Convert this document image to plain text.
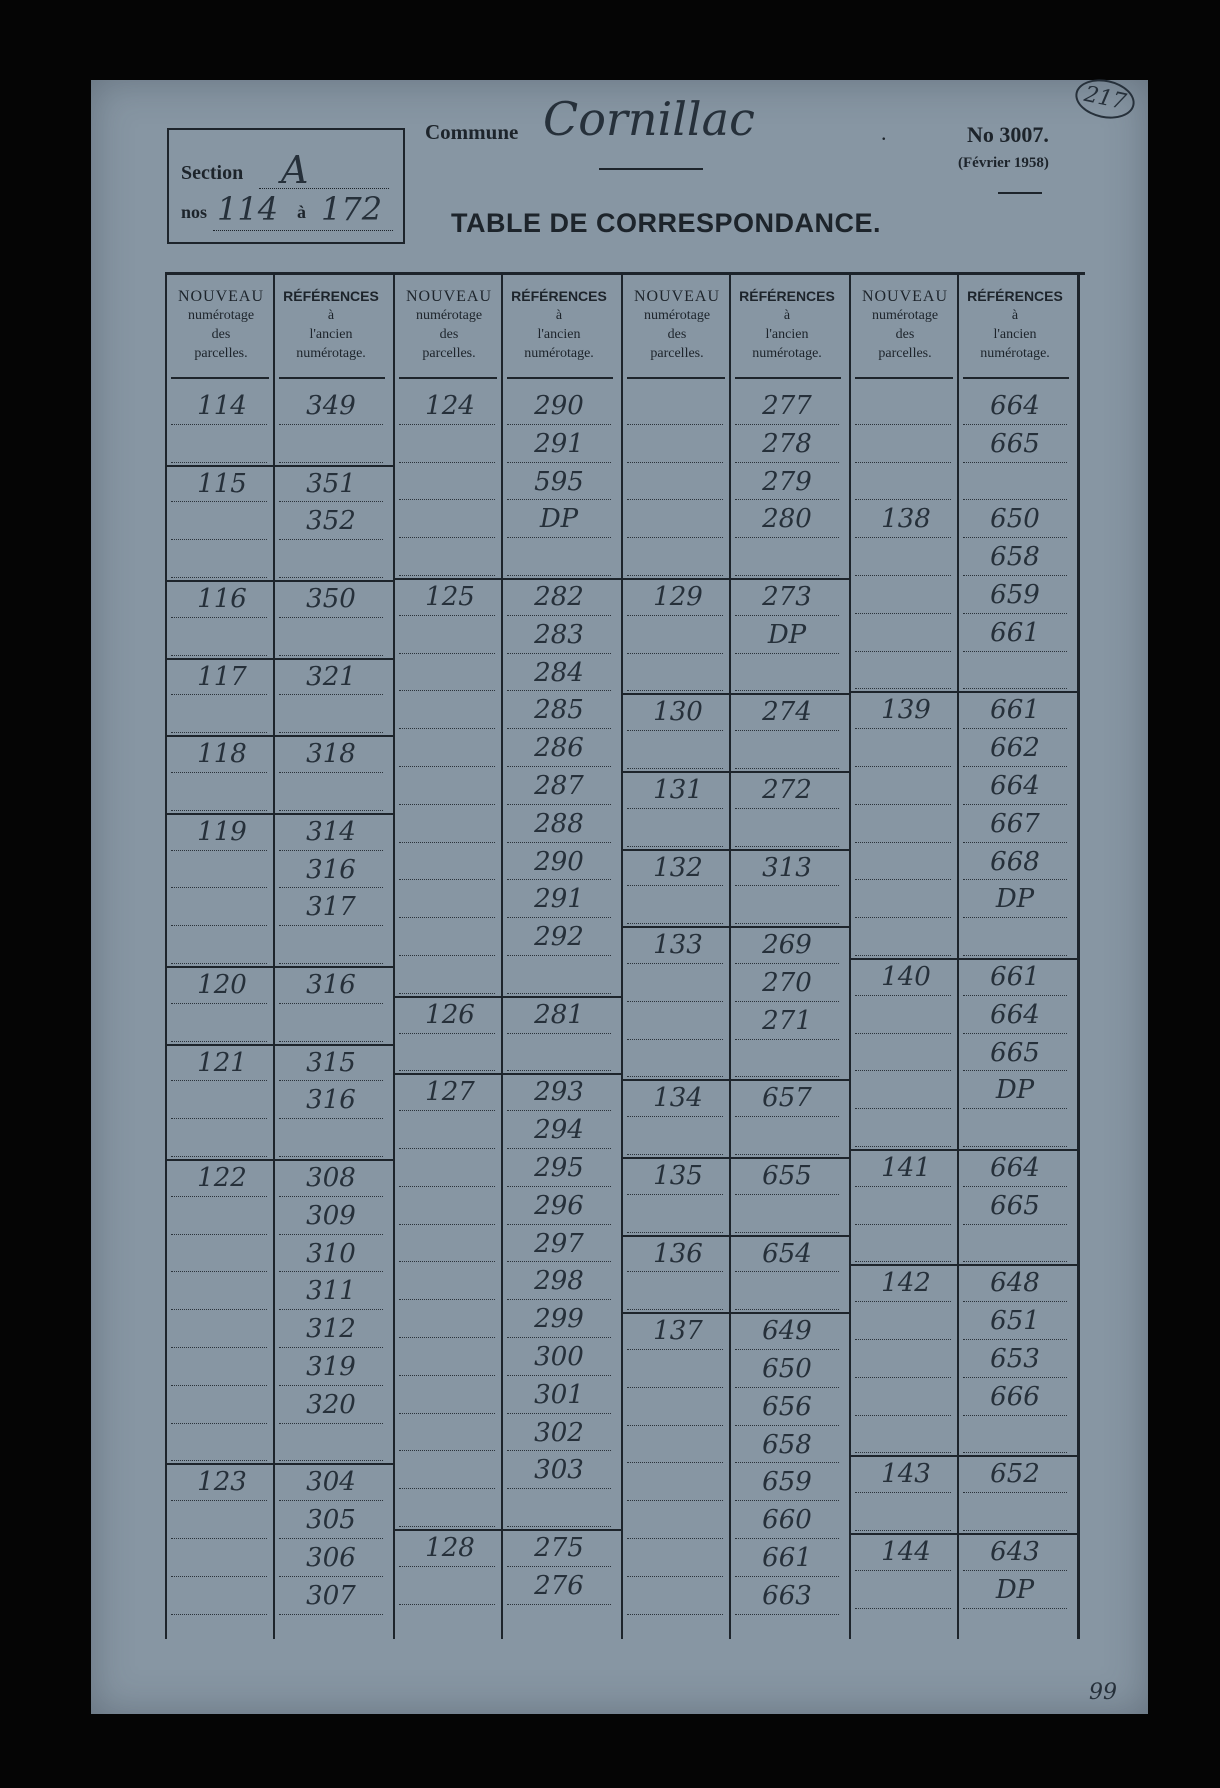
Section A
nos 114 à 172
Commune Cornillac	.
TABLE DE CORRESPONDANCE.
No 3007.
(Février 1958)
217
99
NOUVEAU
numérotage
des
parcelles.
RÉFÉRENCES
à
l'ancien
numérotage.
114	349
115	351
352
116	350
117	321
118	318
119	314
316
317
120	316
121	315
316
122	308
309
310
311
312
319
320
123	304
305
306
307
NOUVEAU
numérotage
des
parcelles.
RÉFÉRENCES
à
l'ancien
numérotage.
124	290
291
595
DP
125	282
283
284
285
286
287
288
290
291
292
126	281
127	293
294
295
296
297
298
299
300
301
302
303
128	275
276
NOUVEAU
numérotage
des
parcelles.
RÉFÉRENCES
à
l'ancien
numérotage.
277
278
279
280
129	273
DP
130	274
131	272
132	313
133	269
270
271
134	657
135	655
136	654
137	649
650
656
658
659
660
661
663
NOUVEAU
numérotage
des
parcelles.
RÉFÉRENCES
à
l'ancien
numérotage.
664
665
138	650
658
659
661
139	661
662
664
667
668
DP
140	661
664
665
DP
141	664
665
142	648
651
653
666
143	652
144	643
DP
